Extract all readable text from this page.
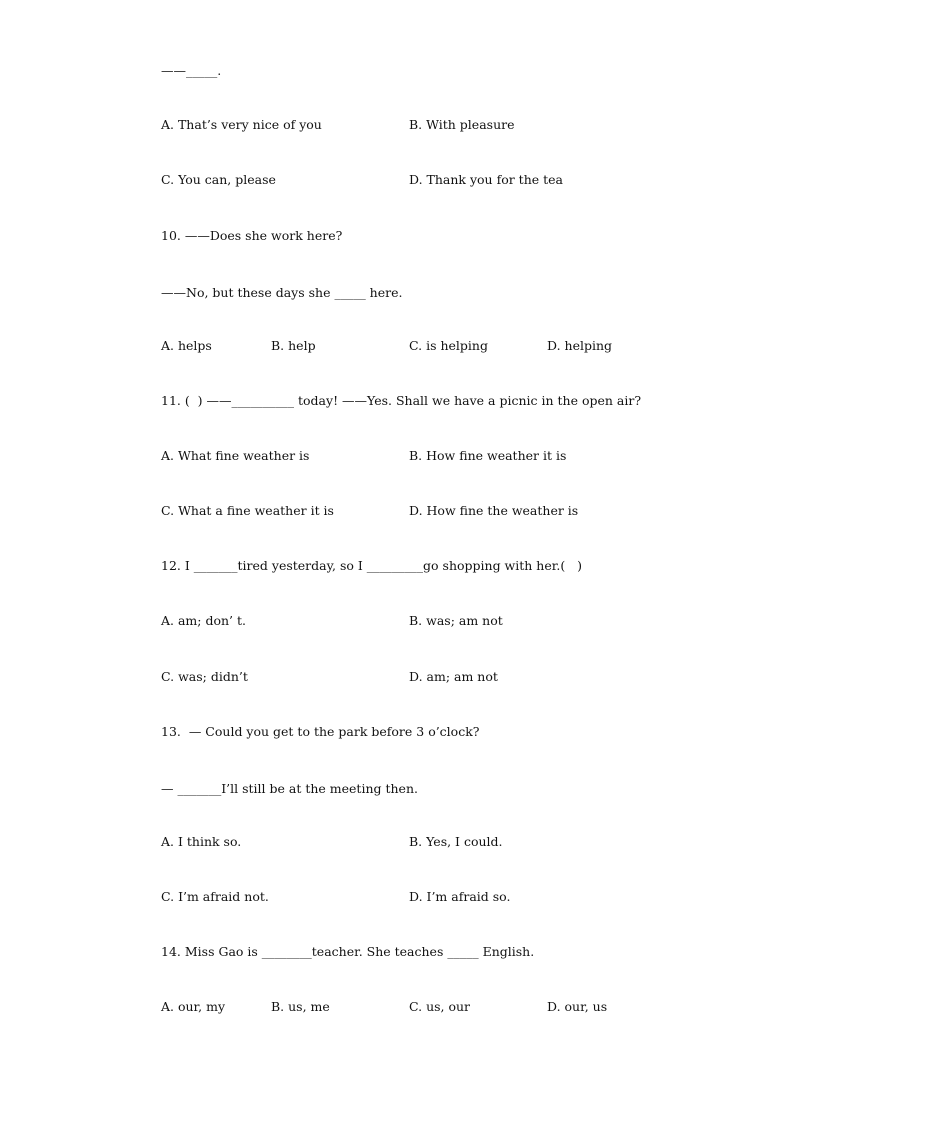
——_____.
A. That’s very nice of you	B. With pleasure
C. You can, please	D. Thank you for the tea
10. ——Does she work here?
——No, but these days she _____ here.
A. helps	B. help	C. is helping	D. helping
11. (  ) ——__________ today! ——Yes. Shall we have a picnic in the open air?
A. What fine weather is	B. How fine weather it is
C. What a fine weather it is	D. How fine the weather is
12. I _______tired yesterday, so I _________go shopping with her.(   )
A. am; don’ t.	B. was; am not
C. was; didn’t	D. am; am not
13.  — Could you get to the park before 3 o’clock?
— _______I’ll still be at the meeting then.
A. I think so.	B. Yes, I could.
C. I’m afraid not.	D. I’m afraid so.
14. Miss Gao is ________teacher. She teaches _____ English.
A. our, my	B. us, me	C. us, our	D. our, us
